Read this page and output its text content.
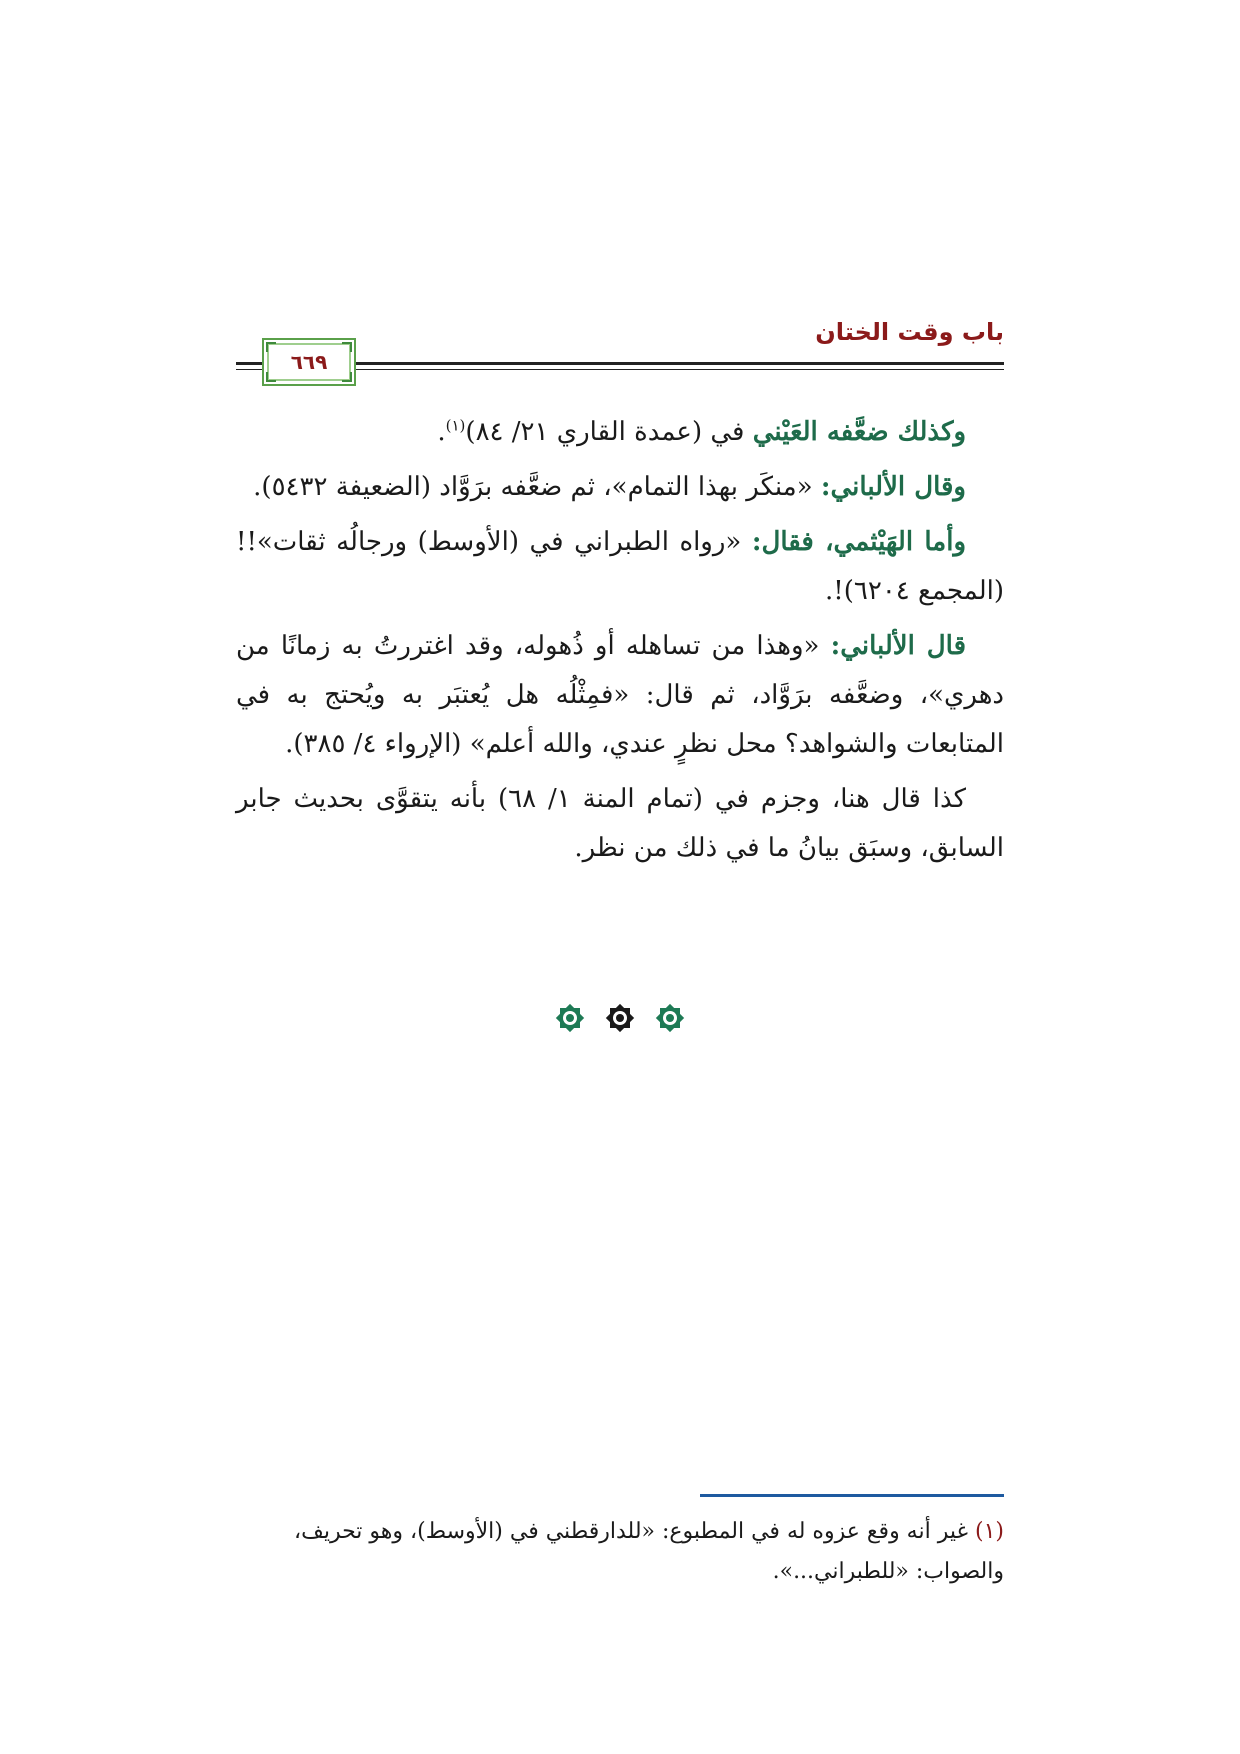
باب وقت الختان
٦٦٩

وكذلك ضعَّفه العَيْني في (عمدة القاري ٢١/ ٨٤)$^{(١)}$.

وقال الألباني: «منكَر بهذا التمام»، ثم ضعَّفه برَوَّاد (الضعيفة ٥٤٣٢).

وأما الهَيْثمي، فقال: «رواه الطبراني في (الأوسط) ورجالُه ثقات»!! (المجمع ٦٢٠٤)!.

قال الألباني: «وهذا من تساهله أو ذُهوله، وقد اغتررتُ به زمانًا من دهري»، وضعَّفه برَوَّاد، ثم قال: «فمِثْلُه هل يُعتبَر به ويُحتج به في المتابعات والشواهد؟ محل نظرٍ عندي، والله أعلم» (الإرواء ٤/ ٣٨٥).

كذا قال هنا، وجزم في (تمام المنة ١/ ٦٨) بأنه يتقوَّى بحديث جابر السابق، وسبَق بيانُ ما في ذلك من نظر.

(١) غير أنه وقع عزوه له في المطبوع: «للدارقطني في (الأوسط)، وهو تحريف، والصواب: «للطبراني...».
